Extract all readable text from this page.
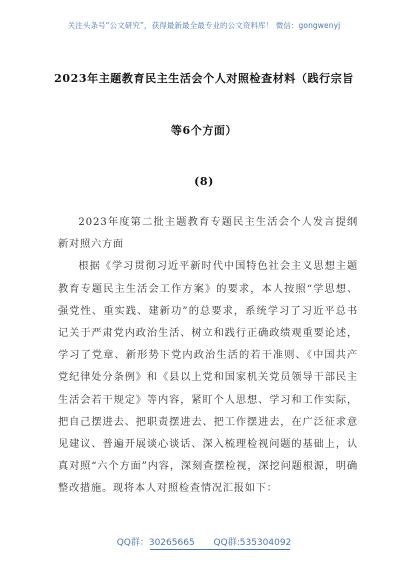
关注头条号“公文研究”，获得最新最全最专业的公文资料库！ 微信：gongwenyj
2023年主题教育民主生活会个人对照检查材料（践行宗旨
等6个方面）
(8)

2023年度第二批主题教育专题民主生活会个人发言提纲新对照六方面

根据《学习贯彻习近平新时代中国特色社会主义思想主题教育专题民主生活会工作方案》的要求，本人按照“学思想、强党性、重实践、建新功”的总要求，系统学习了习近平总书记关于严肃党内政治生活、树立和践行正确政绩观重要论述，学习了党章、新形势下党内政治生活的若干准则、《中国共产党纪律处分条例》和《县以上党和国家机关党员领导干部民主生活会若干规定》等内容，紧盯个人思想、学习和工作实际，把自己摆进去、把职责摆进去、把工作摆进去，在广泛征求意见建议、普遍开展谈心谈话、深入梳理检视问题的基础上，认真对照“六个方面”内容，深刻查摆检视，深挖问题根源，明确整改措施。现将本人对照检查情况汇报如下：

QQ群：30265665 QQ群:535304092
